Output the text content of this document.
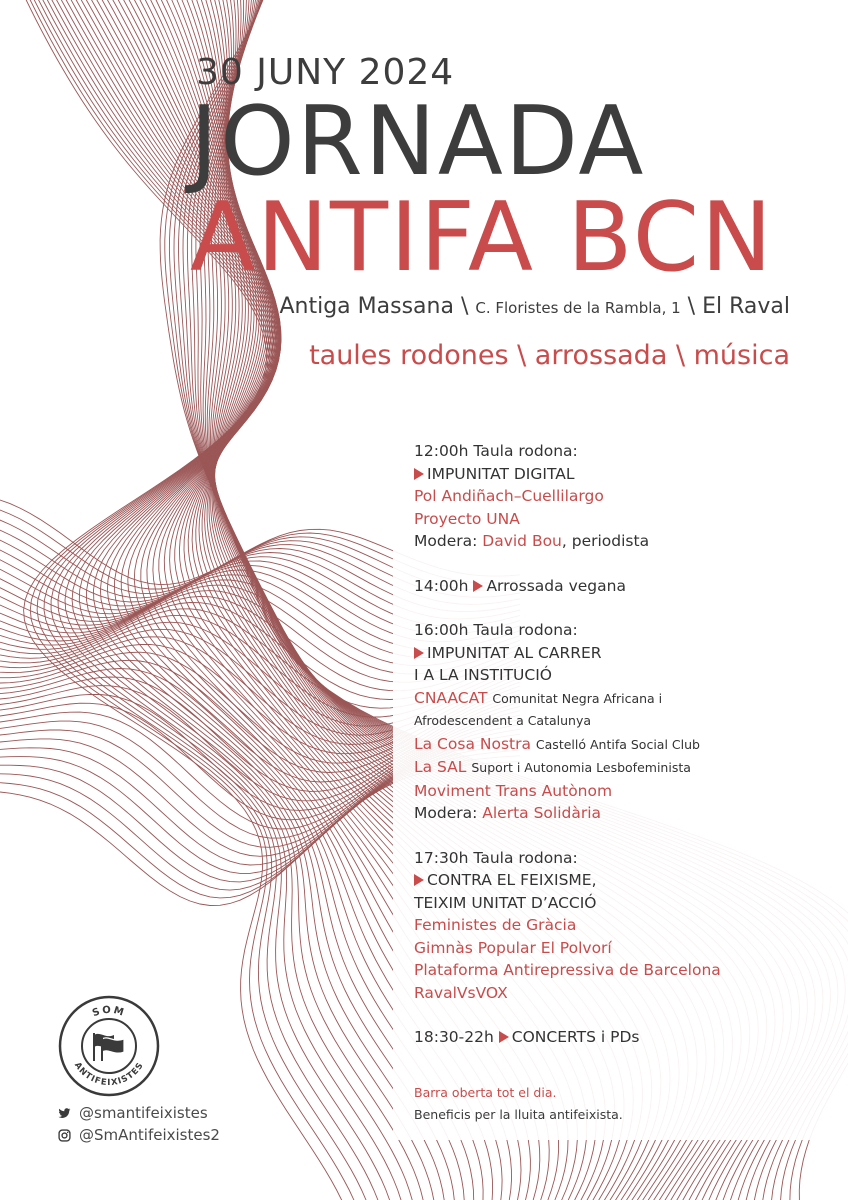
30 JUNY 2024
JORNADA
ANTIFA BCN
Antiga Massana \ C. Floristes de la Rambla, 1 \ El Raval
taules rodones \ arrossada \ música
12:00h Taula rodona:
IMPUNITAT DIGITAL
Pol Andiñach–Cuellilargo
Proyecto UNA
Modera: David Bou, periodista
14:00h Arrossada vegana
16:00h Taula rodona:
IMPUNITAT AL CARRER
I A LA INSTITUCIÓ
CNAACAT Comunitat Negra Africana i
Afrodescendent a Catalunya
La Cosa Nostra Castelló Antifa Social Club
La SAL Suport i Autonomia Lesbofeminista
Moviment Trans Autònom
Modera: Alerta Solidària
17:30h Taula rodona:
CONTRA EL FEIXISME,
TEIXIM UNITAT D’ACCIÓ
Feministes de Gràcia
Gimnàs Popular El Polvorí
Plataforma Antirepressiva de Barcelona
RavalVsVOX
18:30-22h CONCERTS i PDs
Barra oberta tot el dia.
Beneficis per la lluita antifeixista.
SOM
ANTIFEIXISTES
@smantifeixistes
@SmAntifeixistes2
